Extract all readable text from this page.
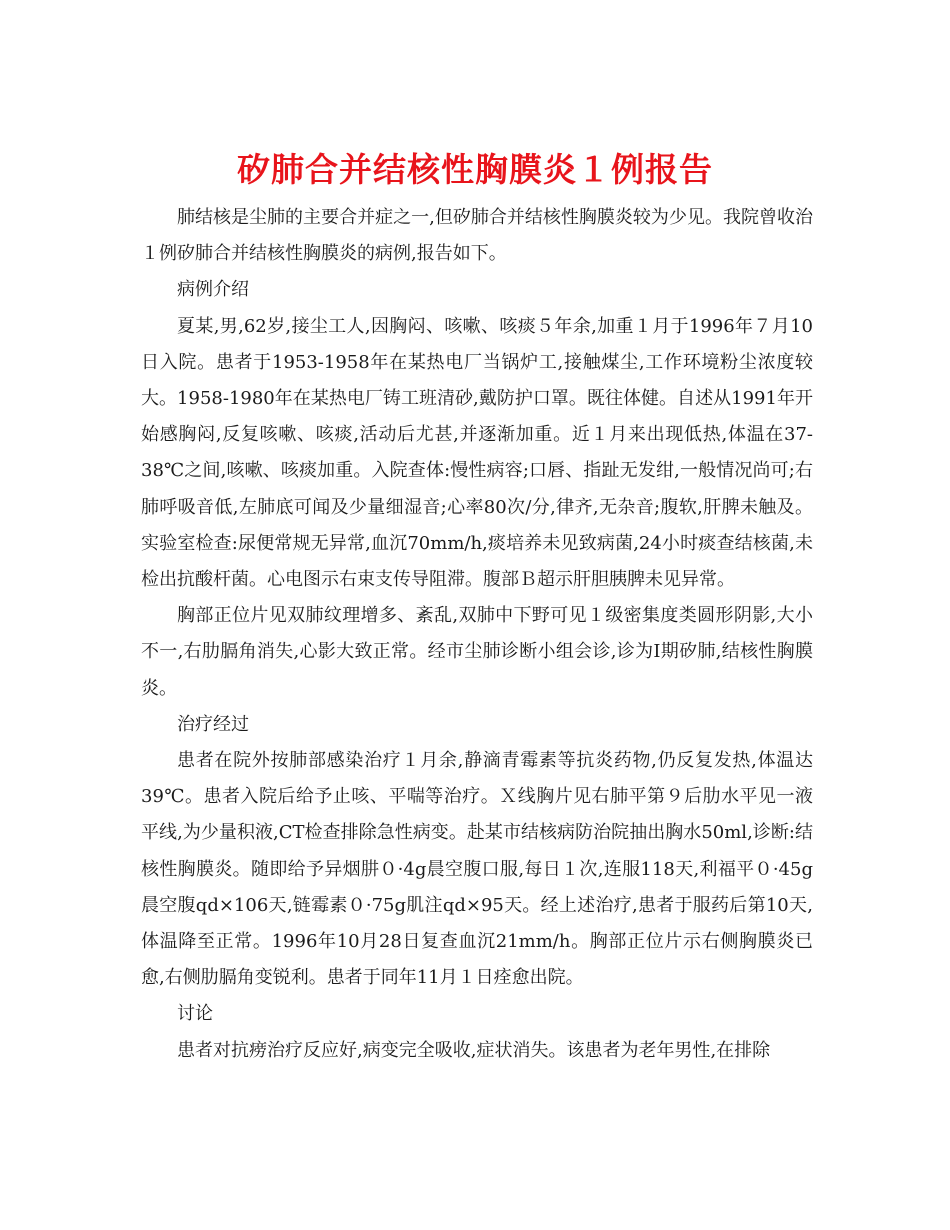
矽肺合并结核性胸膜炎１例报告

肺结核是尘肺的主要合并症之一,但矽肺合并结核性胸膜炎较为少见。我院曾收治１例矽肺合并结核性胸膜炎的病例,报告如下。

病例介绍

夏某,男,62岁,接尘工人,因胸闷、咳嗽、咳痰５年余,加重１月于1996年７月10日入院。患者于1953-1958年在某热电厂当锅炉工,接触煤尘,工作环境粉尘浓度较大。1958-1980年在某热电厂铸工班清砂,戴防护口罩。既往体健。自述从1991年开始感胸闷,反复咳嗽、咳痰,活动后尤甚,并逐渐加重。近１月来出现低热,体温在37-38℃之间,咳嗽、咳痰加重。入院查体:慢性病容;口唇、指趾无发绀,一般情况尚可;右肺呼吸音低,左肺底可闻及少量细湿音;心率80次/分,律齐,无杂音;腹软,肝脾未触及。实验室检查:尿便常规无异常,血沉70mm/h,痰培养未见致病菌,24小时痰查结核菌,未检出抗酸杆菌。心电图示右束支传导阻滞。腹部Ｂ超示肝胆胰脾未见异常。

胸部正位片见双肺纹理增多、紊乱,双肺中下野可见１级密集度类圆形阴影,大小不一,右肋膈角消失,心影大致正常。经市尘肺诊断小组会诊,诊为Ⅰ期矽肺,结核性胸膜炎。

治疗经过

患者在院外按肺部感染治疗１月余,静滴青霉素等抗炎药物,仍反复发热,体温达39℃。患者入院后给予止咳、平喘等治疗。Ｘ线胸片见右肺平第９后肋水平见一液平线,为少量积液,CT检查排除急性病变。赴某市结核病防治院抽出胸水50ml,诊断:结核性胸膜炎。随即给予异烟肼０·4g晨空腹口服,每日１次,连服118天,利福平０·45g晨空腹qd×106天,链霉素０·75g肌注qd×95天。经上述治疗,患者于服药后第10天,体温降至正常。1996年10月28日复查血沉21mm/h。胸部正位片示右侧胸膜炎已愈,右侧肋膈角变锐利。患者于同年11月１日痊愈出院。

讨论

患者对抗痨治疗反应好,病变完全吸收,症状消失。该患者为老年男性,在排除
